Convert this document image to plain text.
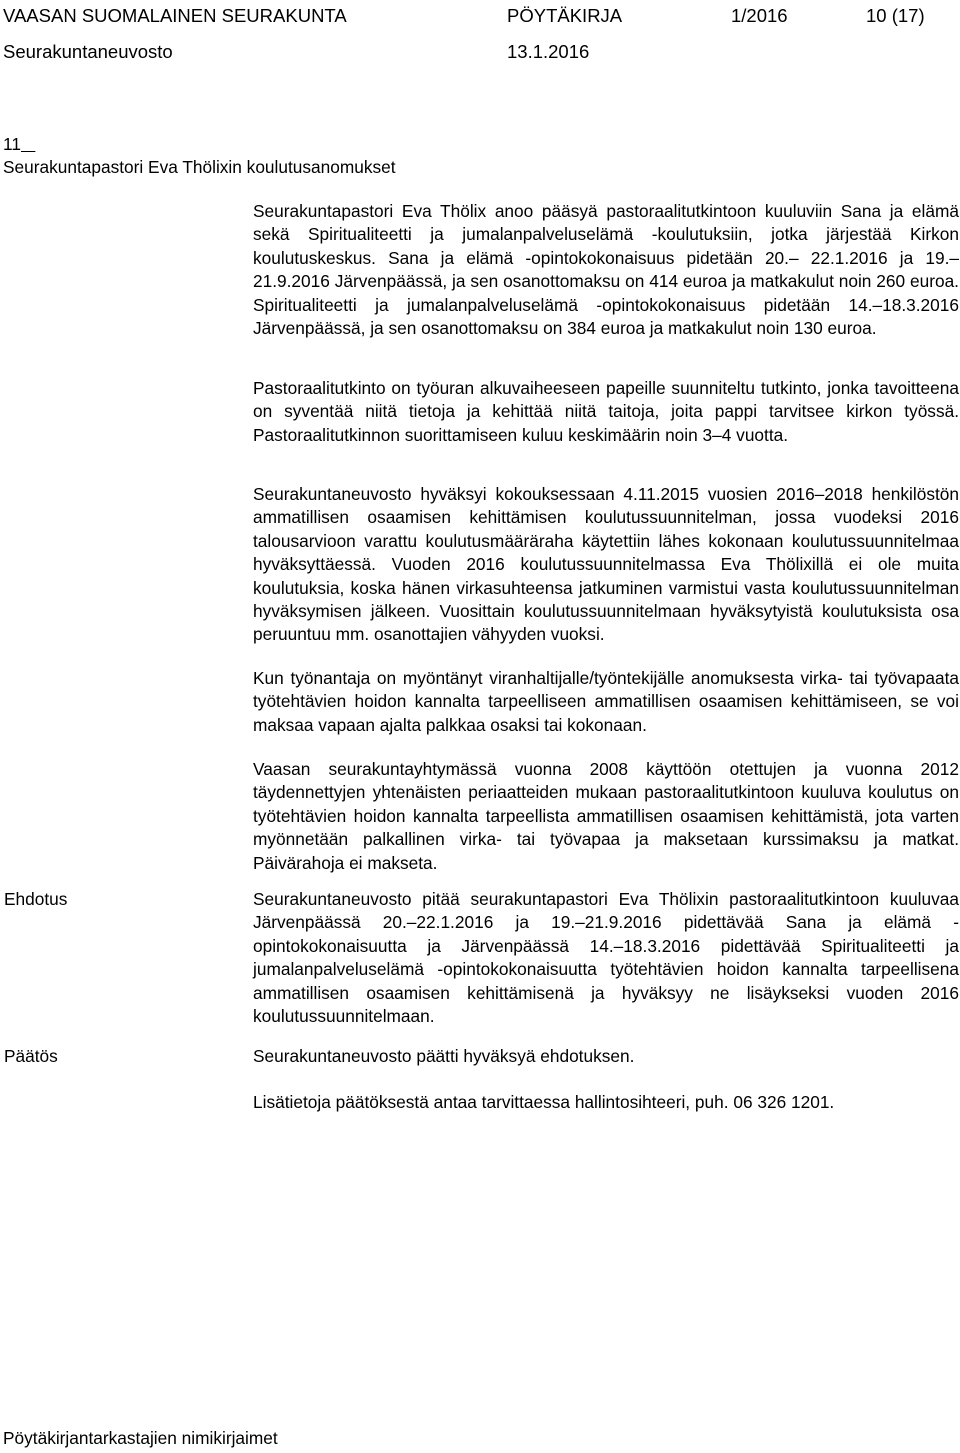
VAASAN SUOMALAINEN SEURAKUNTA	PÖYTÄKIRJA	1/2016	10 (17)
Seurakuntaneuvosto	13.1.2016
11
Seurakuntapastori Eva Thölixin koulutusanomukset

Seurakuntapastori Eva Thölix anoo pääsyä pastoraalitutkintoon kuuluviin Sana ja elämä sekä Spiritualiteetti ja jumalanpalveluselämä -koulutuksiin, jotka järjestää Kirkon koulutuskeskus. Sana ja elämä -opintokokonaisuus pidetään 20.– 22.1.2016 ja 19.–21.9.2016 Järvenpäässä, ja sen osanottomaksu on 414 euroa ja matkakulut noin 260 euroa. Spiritualiteetti ja jumalanpalveluselämä -opintokokonaisuus pidetään 14.–18.3.2016 Järvenpäässä, ja sen osanottomaksu on 384 euroa ja matkakulut noin 130 euroa.

Pastoraalitutkinto on työuran alkuvaiheeseen papeille suunniteltu tutkinto, jonka tavoitteena on syventää niitä tietoja ja kehittää niitä taitoja, joita pappi tarvitsee kirkon työssä. Pastoraalitutkinnon suorittamiseen kuluu keskimäärin noin 3–4 vuotta.

Seurakuntaneuvosto hyväksyi kokouksessaan 4.11.2015 vuosien 2016–2018 henkilöstön ammatillisen osaamisen kehittämisen koulutussuunnitelman, jossa vuodeksi 2016 talousarvioon varattu koulutusmääräraha käytettiin lähes kokonaan koulutussuunnitelmaa hyväksyttäessä. Vuoden 2016 koulutussuunnitelmassa Eva Thölixillä ei ole muita koulutuksia, koska hänen virkasuhteensa jatkuminen varmistui vasta koulutussuunnitelman hyväksymisen jälkeen. Vuosittain koulutussuunnitelmaan hyväksytyistä koulutuksista osa peruuntuu mm. osanottajien vähyyden vuoksi.

Kun työnantaja on myöntänyt viranhaltijalle/työntekijälle anomuksesta virka- tai työvapaata työtehtävien hoidon kannalta tarpeelliseen ammatillisen osaamisen kehittämiseen, se voi maksaa vapaan ajalta palkkaa osaksi tai kokonaan.

Vaasan seurakuntayhtymässä vuonna 2008 käyttöön otettujen ja vuonna 2012 täydennettyjen yhtenäisten periaatteiden mukaan pastoraalitutkintoon kuuluva koulutus on työtehtävien hoidon kannalta tarpeellista ammatillisen osaamisen kehittämistä, jota varten myönnetään palkallinen virka- tai työvapaa ja maksetaan kurssimaksu ja matkat. Päivärahoja ei makseta.

Ehdotus	Seurakuntaneuvosto pitää seurakuntapastori Eva Thölixin pastoraalitutkintoon kuuluvaa Järvenpäässä 20.–22.1.2016 ja 19.–21.9.2016 pidettävää Sana ja elämä -opintokokonaisuutta ja Järvenpäässä 14.–18.3.2016 pidettävää Spiritualiteetti ja jumalanpalveluselämä -opintokokonaisuutta työtehtävien hoidon kannalta tarpeellisena ammatillisen osaamisen kehittämisenä ja hyväksyy ne lisäykseksi vuoden 2016 koulutussuunnitelmaan.

Päätös	Seurakuntaneuvosto päätti hyväksyä ehdotuksen.

Lisätietoja päätöksestä antaa tarvittaessa hallintosihteeri, puh. 06 326 1201.

Pöytäkirjantarkastajien nimikirjaimet
